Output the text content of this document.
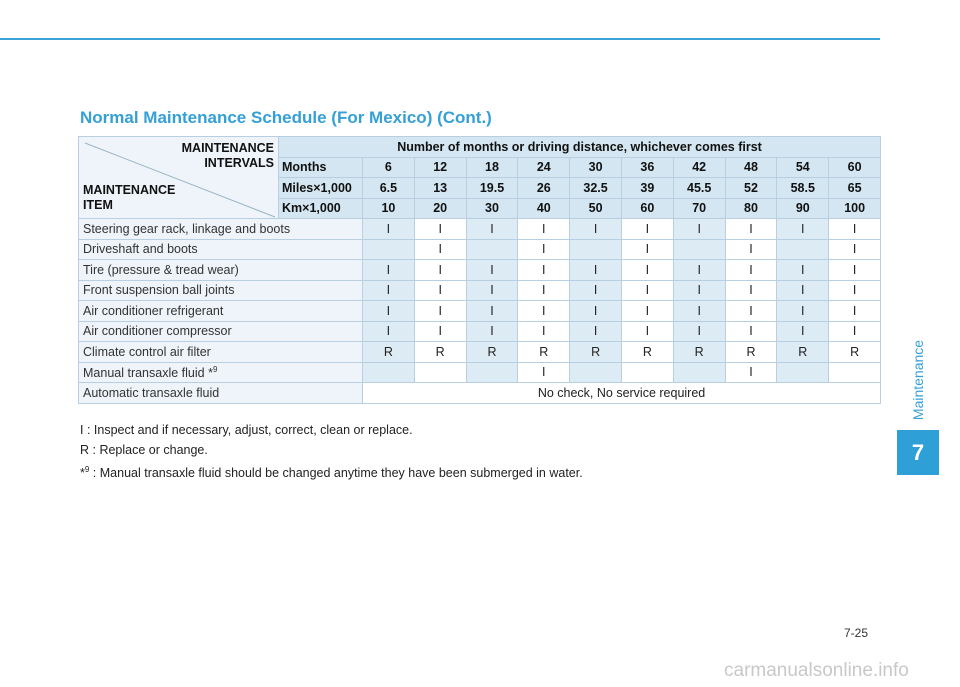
Normal Maintenance Schedule (For Mexico) (Cont.)
Maintenance
7
MAINTENANCE
INTERVALS
MAINTENANCE
ITEM	Number of months or driving distance, whichever comes first										
	Months	6	12	18	24	30	36	42	48	54	60
	Miles×1,000	6.5	13	19.5	26	32.5	39	45.5	52	58.5	65
	Km×1,000	10	20	30	40	50	60	70	80	90	100
Steering gear rack, linkage and boots		I	I	I	I	I	I	I	I	I	I
Driveshaft and boots			I		I		I		I		I
Tire (pressure & tread wear)		I	I	I	I	I	I	I	I	I	I
Front suspension ball joints		I	I	I	I	I	I	I	I	I	I
Air conditioner refrigerant		I	I	I	I	I	I	I	I	I	I
Air conditioner compressor		I	I	I	I	I	I	I	I	I	I
Climate control air filter		R	R	R	R	R	R	R	R	R	R
Manual transaxle fluid *$^9$					I				I		
Automatic transaxle fluid		No check, No service required									
I : Inspect and if necessary, adjust, correct, clean or replace.
R : Replace or change.
*$^9$ : Manual transaxle fluid should be changed anytime they have been submerged in water.
7-25
carmanualsonline.info
